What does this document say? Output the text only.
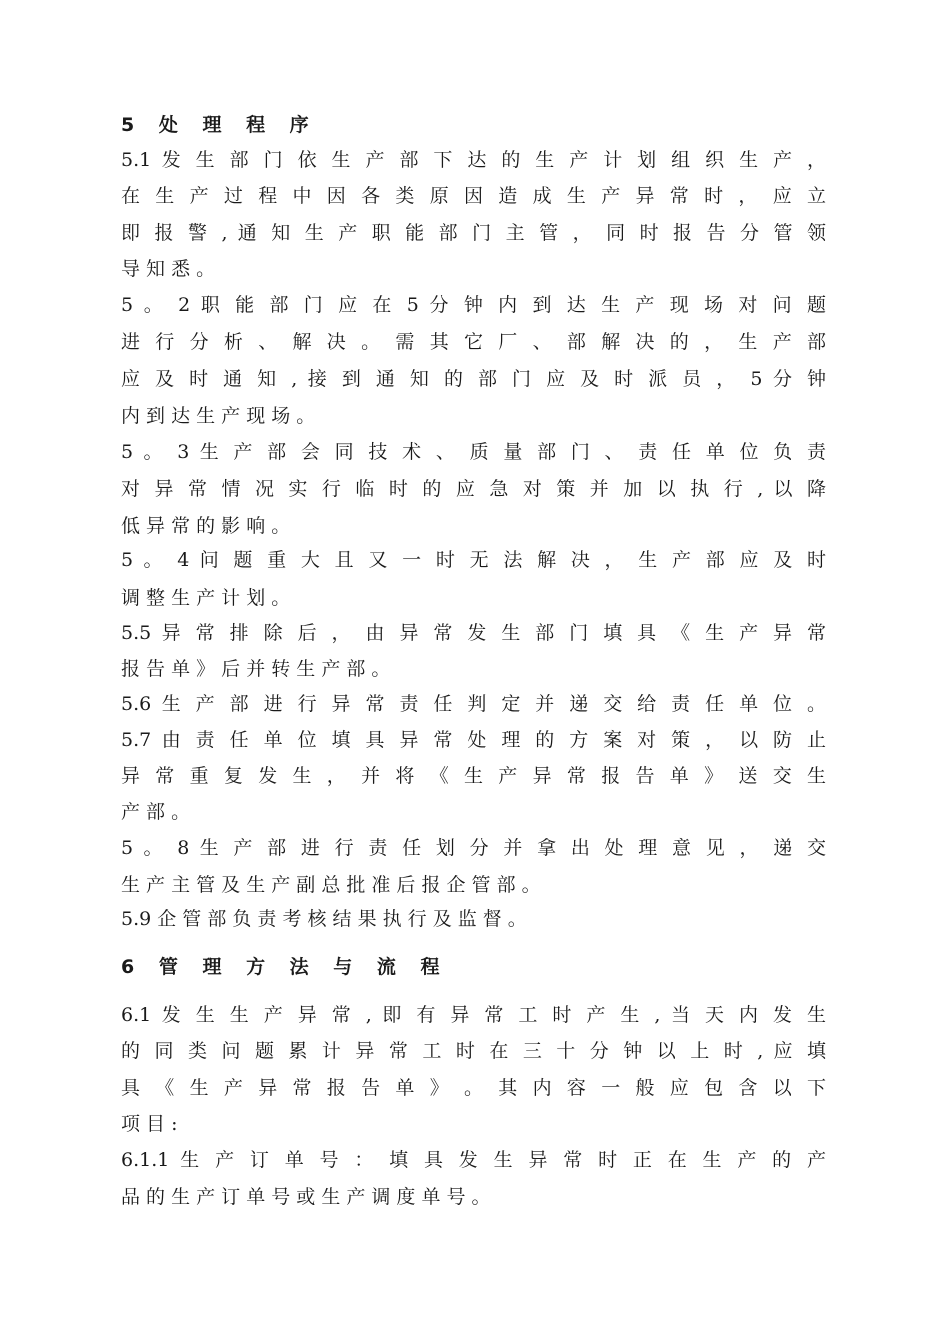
5 处 理 程 序
5.1 发 生 部 门 依 生 产 部 下 达 的 生 产 计 划 组 织 生 产 ，
在 生 产 过 程 中 因 各 类 原 因 造 成 生 产 异 常 时 ， 应 立
即 报 警 , 通 知 生 产 职 能 部 门 主 管 ， 同 时 报 告 分 管 领
导 知 悉 。
5 。 2 职 能 部 门 应 在 5 分 钟 内 到 达 生 产 现 场 对 问 题
进 行 分 析 、 解 决 。 需 其 它 厂 、 部 解 决 的 ， 生 产 部
应 及 时 通 知 , 接 到 通 知 的 部 门 应 及 时 派 员 ， 5 分 钟
内 到 达 生 产 现 场 。
5 。 3 生 产 部 会 同 技 术 、 质 量 部 门 、 责 任 单 位 负 责
对 异 常 情 况 实 行 临 时 的 应 急 对 策 并 加 以 执 行 , 以 降
低 异 常 的 影 响 。
5 。 4 问 题 重 大 且 又 一 时 无 法 解 决 ， 生 产 部 应 及 时
调 整 生 产 计 划 。
5.5 异 常 排 除 后 ， 由 异 常 发 生 部 门 填 具 《 生 产 异 常
报 告 单 》 后 并 转 生 产 部 。
5.6 生 产 部 进 行 异 常 责 任 判 定 并 递 交 给 责 任 单 位 。
5.7 由 责 任 单 位 填 具 异 常 处 理 的 方 案 对 策 ， 以 防 止
异 常 重 复 发 生 ， 并 将 《 生 产 异 常 报 告 单 》 送 交 生
产 部 。
5 。 8 生 产 部 进 行 责 任 划 分 并 拿 出 处 理 意 见 ， 递 交
生 产 主 管 及 生 产 副 总 批 准 后 报 企 管 部 。
5.9 企 管 部 负 责 考 核 结 果 执 行 及 监 督 。
6 管 理 方 法 与 流 程
6.1 发 生 生 产 异 常 , 即 有 异 常 工 时 产 生 , 当 天 内 发 生
的 同 类 问 题 累 计 异 常 工 时 在 三 十 分 钟 以 上 时 , 应 填
具 《 生 产 异 常 报 告 单 》 。 其 内 容 一 般 应 包 含 以 下
项 目 :
6.1.1 生 产 订 单 号 ： 填 具 发 生 异 常 时 正 在 生 产 的 产
品 的 生 产 订 单 号 或 生 产 调 度 单 号 。
